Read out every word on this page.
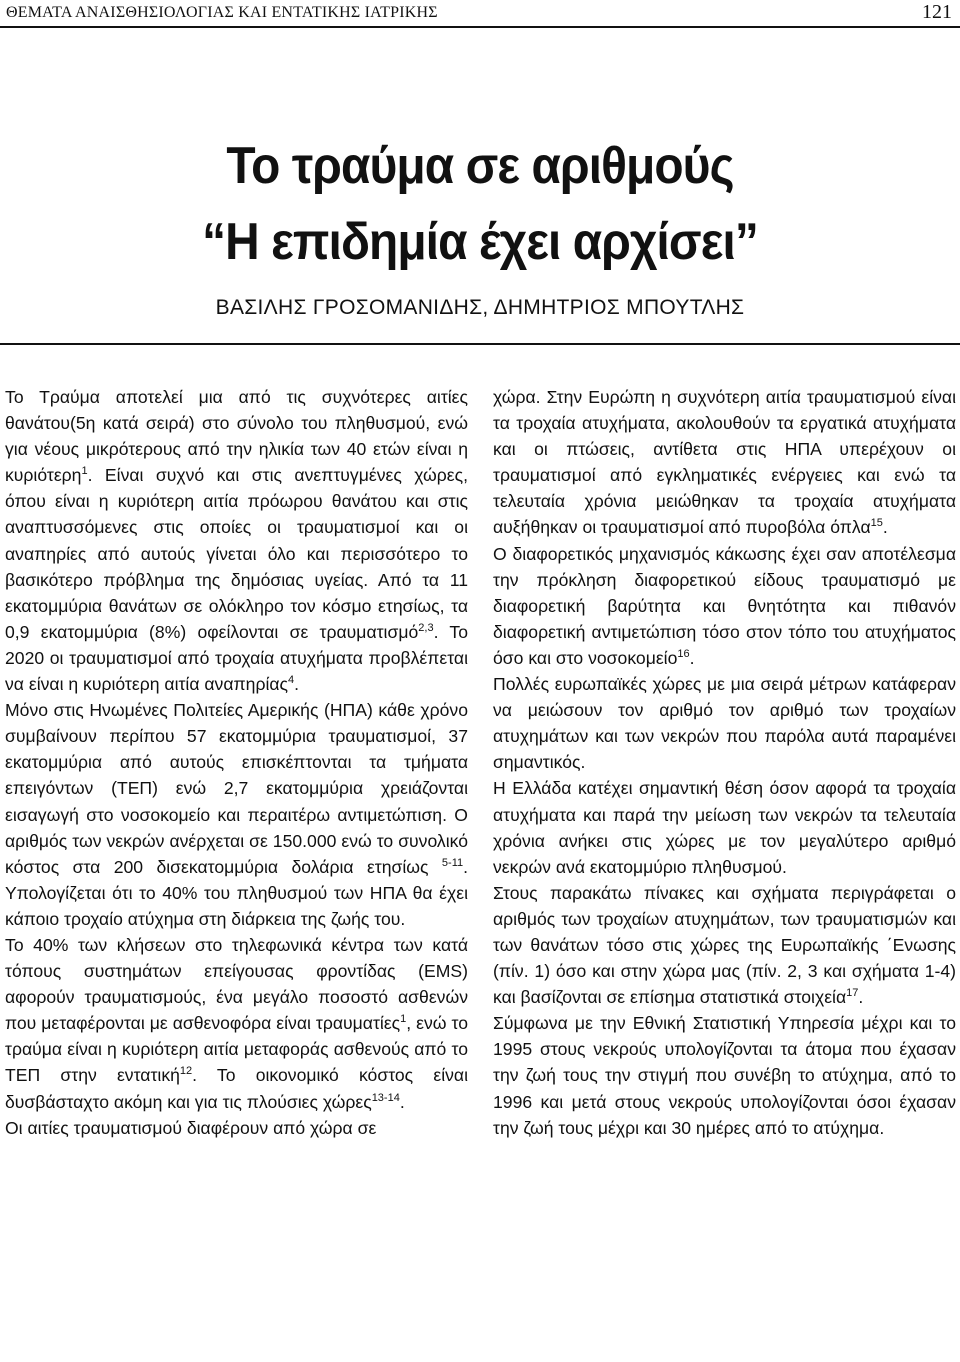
ΘΕΜΑΤΑ ΑΝΑΙΣΘΗΣΙΟΛΟΓΙΑΣ ΚΑΙ ΕΝΤΑΤΙΚΗΣ ΙΑΤΡΙΚΗΣ	121
Το τραύμα σε αριθμούς
“Η επιδημία έχει αρχίσει”
ΒΑΣΙΛΗΣ ΓΡΟΣΟΜΑΝΙΔΗΣ, ΔΗΜΗΤΡΙΟΣ ΜΠΟΥΤΛΗΣ

Το Τραύμα αποτελεί μια από τις συχνότερες αιτίες θανάτου(5η κατά σειρά) στο σύνολο του πληθυσμού, ενώ για νέους μικρότερους από την ηλικία των 40 ετών είναι η κυριότερη$^1$. Είναι συχνό και στις ανεπτυγμένες χώρες, όπου είναι η κυριότερη αιτία πρόωρου θανάτου και στις αναπτυσσόμενες στις οποίες οι τραυματισμοί και οι αναπηρίες από αυτούς γίνεται όλο και περισσότερο το βασικότερο πρόβλημα της δημόσιας υγείας. Από τα 11 εκατομμύρια θανάτων σε ολόκληρο τον κόσμο ετησίως, τα 0,9 εκατομμύρια (8%) οφείλονται σε τραυματισμό$^{2,3}$. Το 2020 οι τραυματισμοί από τροχαία ατυχήματα προβλέπεται να είναι η κυριότερη αιτία αναπηρίας$^4$.

Μόνο στις Ηνωμένες Πολιτείες Αμερικής (ΗΠΑ) κάθε χρόνο συμβαίνουν περίπου 57 εκατομμύρια τραυματισμοί, 37 εκατομμύρια από αυτούς επισκέπτονται τα τμήματα επειγόντων (ΤΕΠ) ενώ 2,7 εκατομμύρια χρειάζονται εισαγωγή στο νοσοκομείο και περαιτέρω αντιμετώπιση. Ο αριθμός των νεκρών ανέρχεται σε 150.000 ενώ το συνολικό κόστος στα 200 δισεκατομμύρια δολάρια ετησίως $^{5-11}$. Υπολογίζεται ότι το 40% του πληθυσμού των ΗΠΑ θα έχει κάποιο τροχαίο ατύχημα στη διάρκεια της ζωής του.

Το 40% των κλήσεων στο τηλεφωνικά κέντρα των κατά τόπους συστημάτων επείγουσας φροντίδας (EMS) αφορούν τραυματισμούς, ένα μεγάλο ποσοστό ασθενών που μεταφέρονται με ασθενοφόρα είναι τραυματίες$^1$, ενώ το τραύμα είναι η κυριότερη αιτία μεταφοράς ασθενούς από το ΤΕΠ στην εντατική$^{12}$. Το οικονομικό κόστος είναι δυσβάσταχτο ακόμη και για τις πλούσιες χώρες$^{13-14}$.

Οι αιτίες τραυματισμού διαφέρουν από χώρα σε

χώρα. Στην Ευρώπη η συχνότερη αιτία τραυματισμού είναι τα τροχαία ατυχήματα, ακολουθούν τα εργατικά ατυχήματα και οι πτώσεις, αντίθετα στις ΗΠΑ υπερέχουν οι τραυματισμοί από εγκληματικές ενέργειες και ενώ τα τελευταία χρόνια μειώθηκαν τα τροχαία ατυχήματα αυξήθηκαν οι τραυματισμοί από πυροβόλα όπλα$^{15}$.

Ο διαφορετικός μηχανισμός κάκωσης έχει σαν αποτέλεσμα την πρόκληση διαφορετικού είδους τραυματισμό με διαφορετική βαρύτητα και θνητότητα και πιθανόν διαφορετική αντιμετώπιση τόσο στον τόπο του ατυχήματος όσο και στο νοσοκομείο$^{16}$.

Πολλές ευρωπαϊκές χώρες με μια σειρά μέτρων κατάφεραν να μειώσουν τον αριθμό τον αριθμό των τροχαίων ατυχημάτων και των νεκρών που παρόλα αυτά παραμένει σημαντικός.

Η Ελλάδα κατέχει σημαντική θέση όσον αφορά τα τροχαία ατυχήματα και παρά την μείωση των νεκρών τα τελευταία χρόνια ανήκει στις χώρες με τον μεγαλύτερο αριθμό νεκρών ανά εκατομμύριο πληθυσμού.

Στους παρακάτω πίνακες και σχήματα περιγράφεται ο αριθμός των τροχαίων ατυχημάτων, των τραυματισμών και των θανάτων τόσο στις χώρες της Ευρωπαϊκής ΄Ενωσης (πίν. 1) όσο και στην χώρα μας (πίν. 2, 3 και σχήματα 1-4) και βασίζονται σε επίσημα στατιστικά στοιχεία$^{17}$.

Σύμφωνα με την Εθνική Στατιστική Υπηρεσία μέχρι και το 1995 στους νεκρούς υπολογίζονται τα άτομα που έχασαν την ζωή τους την στιγμή που συνέβη το ατύχημα, από το 1996 και μετά στους νεκρούς υπολογίζονται όσοι έχασαν την ζωή τους μέχρι και 30 ημέρες από το ατύχημα.
